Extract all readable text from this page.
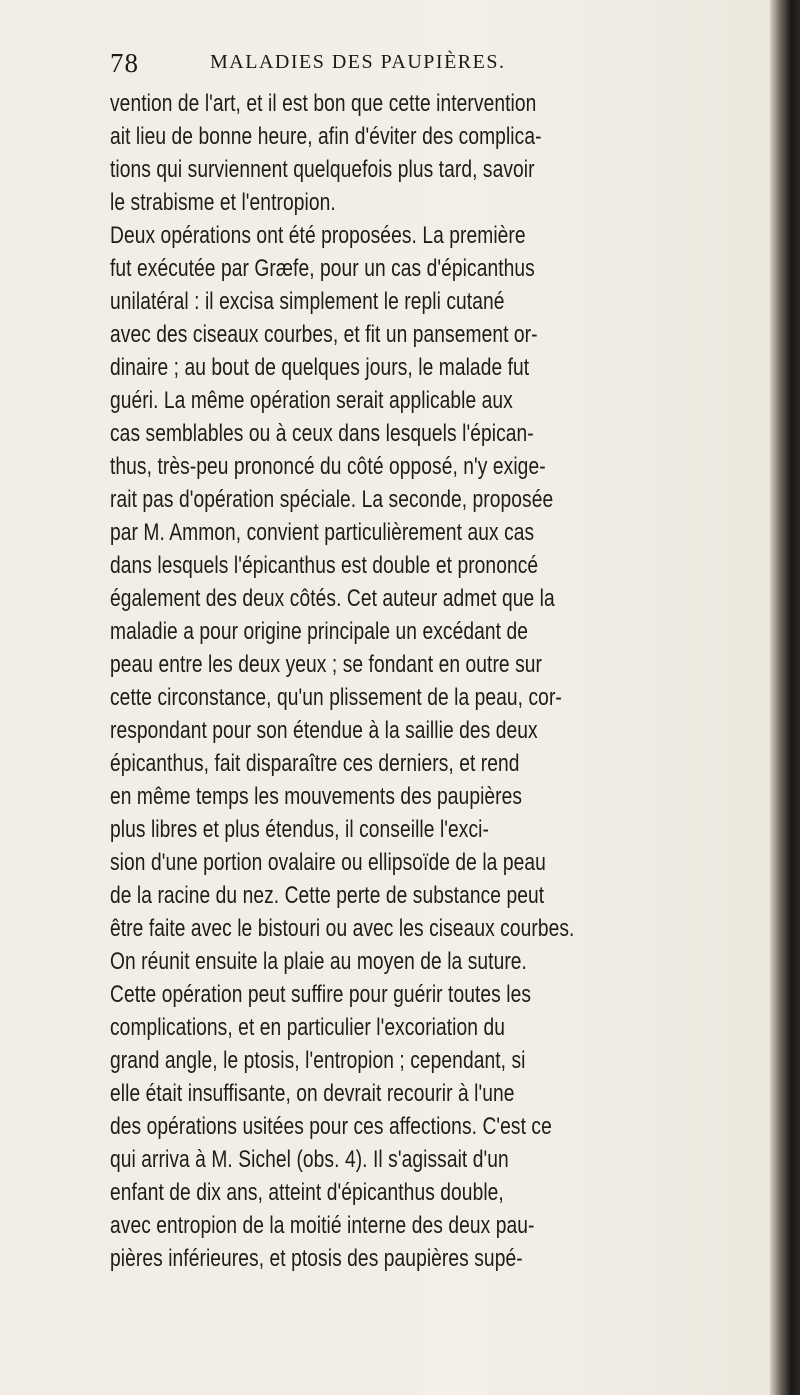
78	MALADIES DES PAUPIÈRES.
vention de l'art, et il est bon que cette intervention
ait lieu de bonne heure, afin d'éviter des complica-
tions qui surviennent quelquefois plus tard, savoir
le strabisme et l'entropion.
Deux opérations ont été proposées. La première
fut exécutée par Græfe, pour un cas d'épicanthus
unilatéral : il excisa simplement le repli cutané
avec des ciseaux courbes, et fit un pansement or-
dinaire ; au bout de quelques jours, le malade fut
guéri. La même opération serait applicable aux
cas semblables ou à ceux dans lesquels l'épican-
thus, très-peu prononcé du côté opposé, n'y exige-
rait pas d'opération spéciale. La seconde, proposée
par M. Ammon, convient particulièrement aux cas
dans lesquels l'épicanthus est double et prononcé
également des deux côtés. Cet auteur admet que la
maladie a pour origine principale un excédant de
peau entre les deux yeux ; se fondant en outre sur
cette circonstance, qu'un plissement de la peau, cor-
respondant pour son étendue à la saillie des deux
épicanthus, fait disparaître ces derniers, et rend
en même temps les mouvements des paupières
plus libres et plus étendus, il conseille l'exci-
sion d'une portion ovalaire ou ellipsoïde de la peau
de la racine du nez. Cette perte de substance peut
être faite avec le bistouri ou avec les ciseaux courbes.
On réunit ensuite la plaie au moyen de la suture.
Cette opération peut suffire pour guérir toutes les
complications, et en particulier l'excoriation du
grand angle, le ptosis, l'entropion ; cependant, si
elle était insuffisante, on devrait recourir à l'une
des opérations usitées pour ces affections. C'est ce
qui arriva à M. Sichel (obs. 4). Il s'agissait d'un
enfant de dix ans, atteint d'épicanthus double,
avec entropion de la moitié interne des deux pau-
pières inférieures, et ptosis des paupières supé-
